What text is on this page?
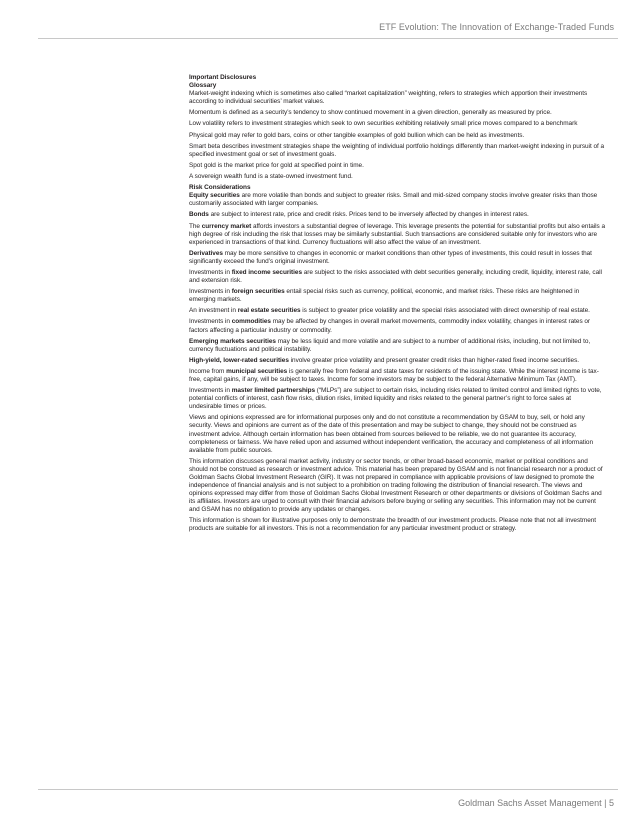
ETF Evolution: The Innovation of Exchange-Traded Funds
Important Disclosures
Glossary

Market-weight indexing which is sometimes also called “market capitalization” weighting, refers to strategies which apportion their investments according to individual securities’ market values.

Momentum is defined as a security’s tendency to show continued movement in a given direction, generally as measured by price.

Low volatility refers to investment strategies which seek to own securities exhibiting relatively small price moves compared to a benchmark

Physical gold may refer to gold bars, coins or other tangible examples of gold bullion which can be held as investments.

Smart beta describes investment strategies shape the weighting of individual portfolio holdings differently than market-weight indexing in pursuit of a specified investment goal or set of investment goals.

Spot gold is the market price for gold at specified point in time.

A sovereign wealth fund is a state-owned investment fund.

Risk Considerations

Equity securities are more volatile than bonds and subject to greater risks. Small and mid-sized company stocks involve greater risks than those customarily associated with larger companies.

Bonds are subject to interest rate, price and credit risks. Prices tend to be inversely affected by changes in interest rates.

The currency market affords investors a substantial degree of leverage. This leverage presents the potential for substantial profits but also entails a high degree of risk including the risk that losses may be similarly substantial. Such transactions are considered suitable only for investors who are experienced in transactions of that kind. Currency fluctuations will also affect the value of an investment.

Derivatives may be more sensitive to changes in economic or market conditions than other types of investments, this could result in losses that significantly exceed the fund’s original investment.

Investments in fixed income securities are subject to the risks associated with debt securities generally, including credit, liquidity, interest rate, call and extension risk.

Investments in foreign securities entail special risks such as currency, political, economic, and market risks. These risks are heightened in emerging markets.

An investment in real estate securities is subject to greater price volatility and the special risks associated with direct ownership of real estate.

Investments in commodities may be affected by changes in overall market movements, commodity index volatility, changes in interest rates or factors affecting a particular industry or commodity.

Emerging markets securities may be less liquid and more volatile and are subject to a number of additional risks, including, but not limited to, currency fluctuations and political instability.

High-yield, lower-rated securities involve greater price volatility and present greater credit risks than higher-rated fixed income securities.

Income from municipal securities is generally free from federal and state taxes for residents of the issuing state. While the interest income is tax-free, capital gains, if any, will be subject to taxes. Income for some investors may be subject to the federal Alternative Minimum Tax (AMT).

Investments in master limited partnerships (“MLPs”) are subject to certain risks, including risks related to limited control and limited rights to vote, potential conflicts of interest, cash flow risks, dilution risks, limited liquidity and risks related to the general partner’s right to force sales at undesirable times or prices.

Views and opinions expressed are for informational purposes only and do not constitute a recommendation by GSAM to buy, sell, or hold any security. Views and opinions are current as of the date of this presentation and may be subject to change, they should not be construed as investment advice. Although certain information has been obtained from sources believed to be reliable, we do not guarantee its accuracy, completeness or fairness. We have relied upon and assumed without independent verification, the accuracy and completeness of all information available from public sources.

This information discusses general market activity, industry or sector trends, or other broad-based economic, market or political conditions and should not be construed as research or investment advice. This material has been prepared by GSAM and is not financial research nor a product of Goldman Sachs Global Investment Research (GIR). It was not prepared in compliance with applicable provisions of law designed to promote the independence of financial analysis and is not subject to a prohibition on trading following the distribution of financial research. The views and opinions expressed may differ from those of Goldman Sachs Global Investment Research or other departments or divisions of Goldman Sachs and its affiliates. Investors are urged to consult with their financial advisors before buying or selling any securities. This information may not be current and GSAM has no obligation to provide any updates or changes.

This information is shown for illustrative purposes only to demonstrate the breadth of our investment products. Please note that not all investment products are suitable for all investors. This is not a recommendation for any particular investment product or strategy.

Goldman Sachs Asset Management | 5
